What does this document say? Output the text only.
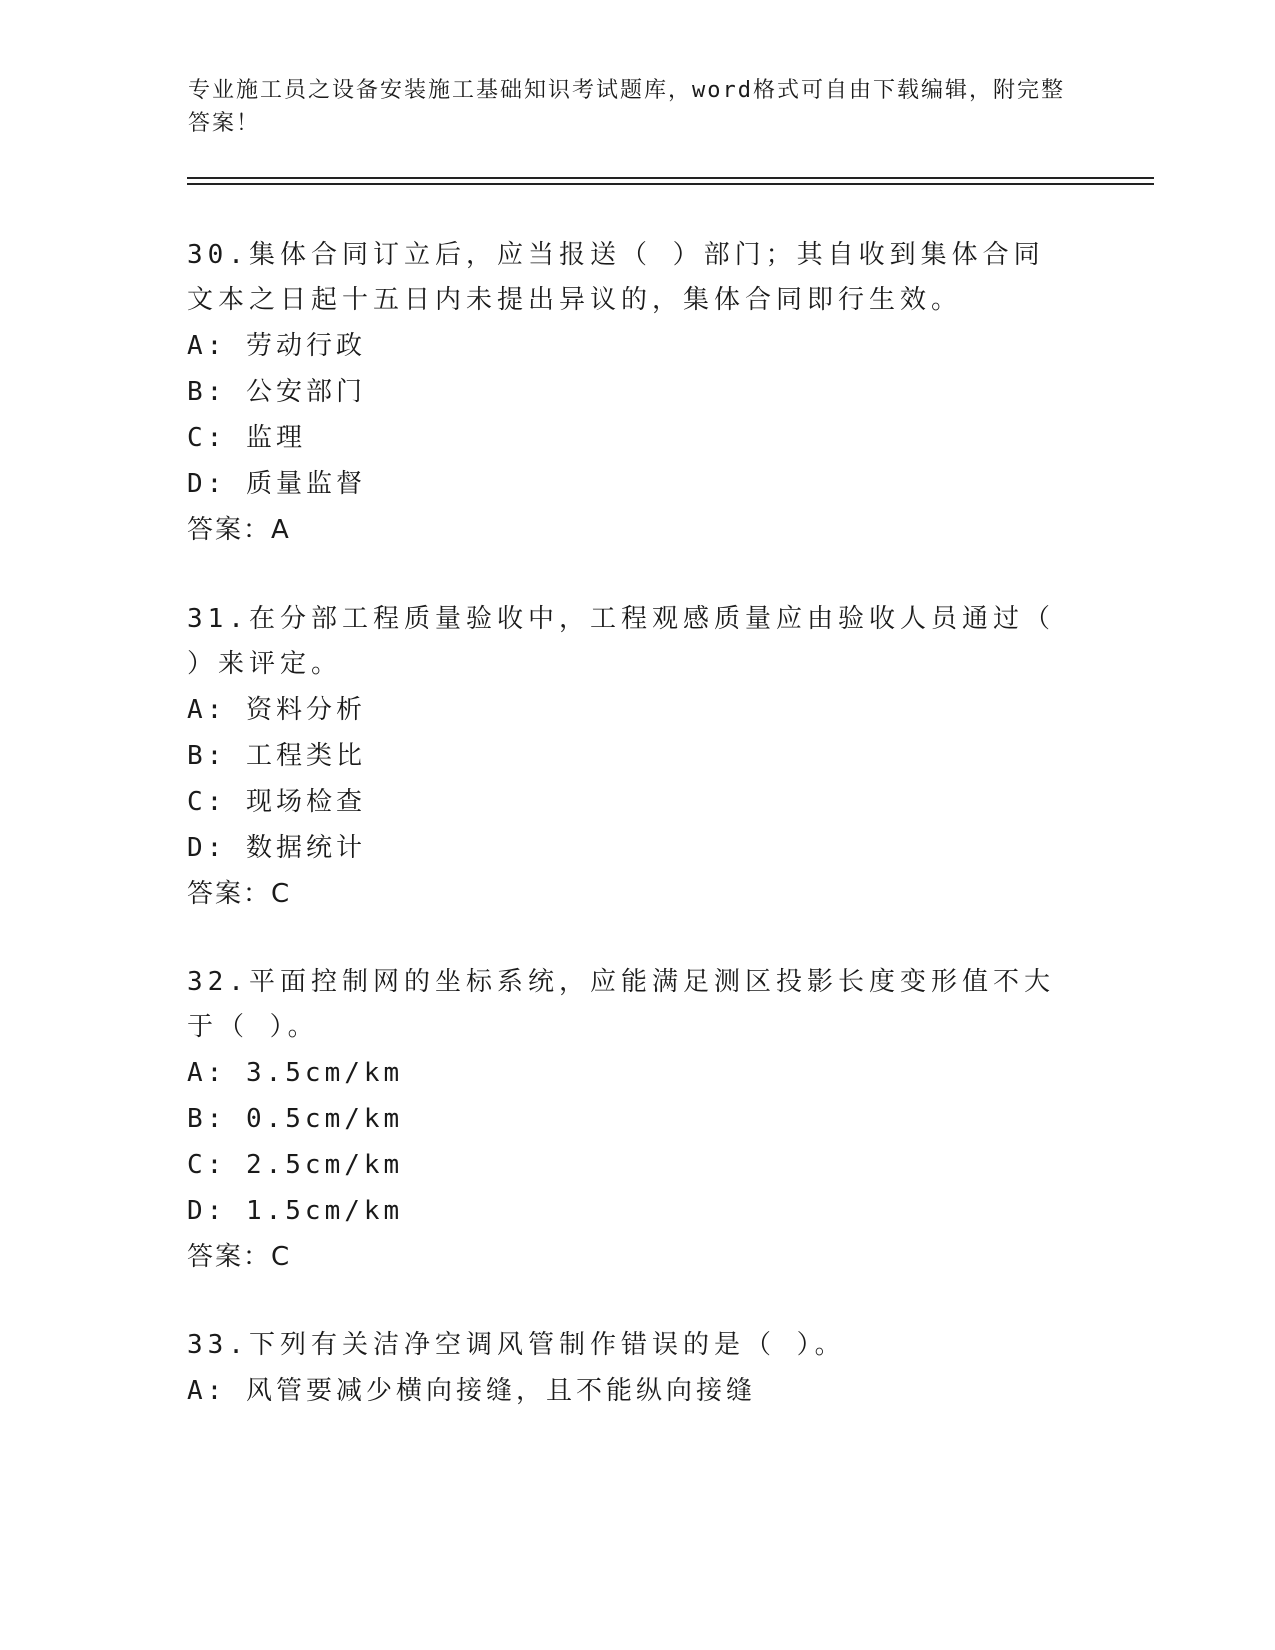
专业施工员之设备安装施工基础知识考试题库，word格式可自由下载编辑，附完整答案！
30.集体合同订立后，应当报送（ ）部门；其自收到集体合同文本之日起十五日内未提出异议的，集体合同即行生效。
A: 劳动行政
B: 公安部门
C: 监理
D: 质量监督
答案：A
31.在分部工程质量验收中，工程观感质量应由验收人员通过（ ）来评定。
A: 资料分析
B: 工程类比
C: 现场检查
D: 数据统计
答案：C
32.平面控制网的坐标系统，应能满足测区投影长度变形值不大于（ ）。
A: 3.5cm/km
B: 0.5cm/km
C: 2.5cm/km
D: 1.5cm/km
答案：C
33.下列有关洁净空调风管制作错误的是（ ）。
A: 风管要减少横向接缝，且不能纵向接缝
